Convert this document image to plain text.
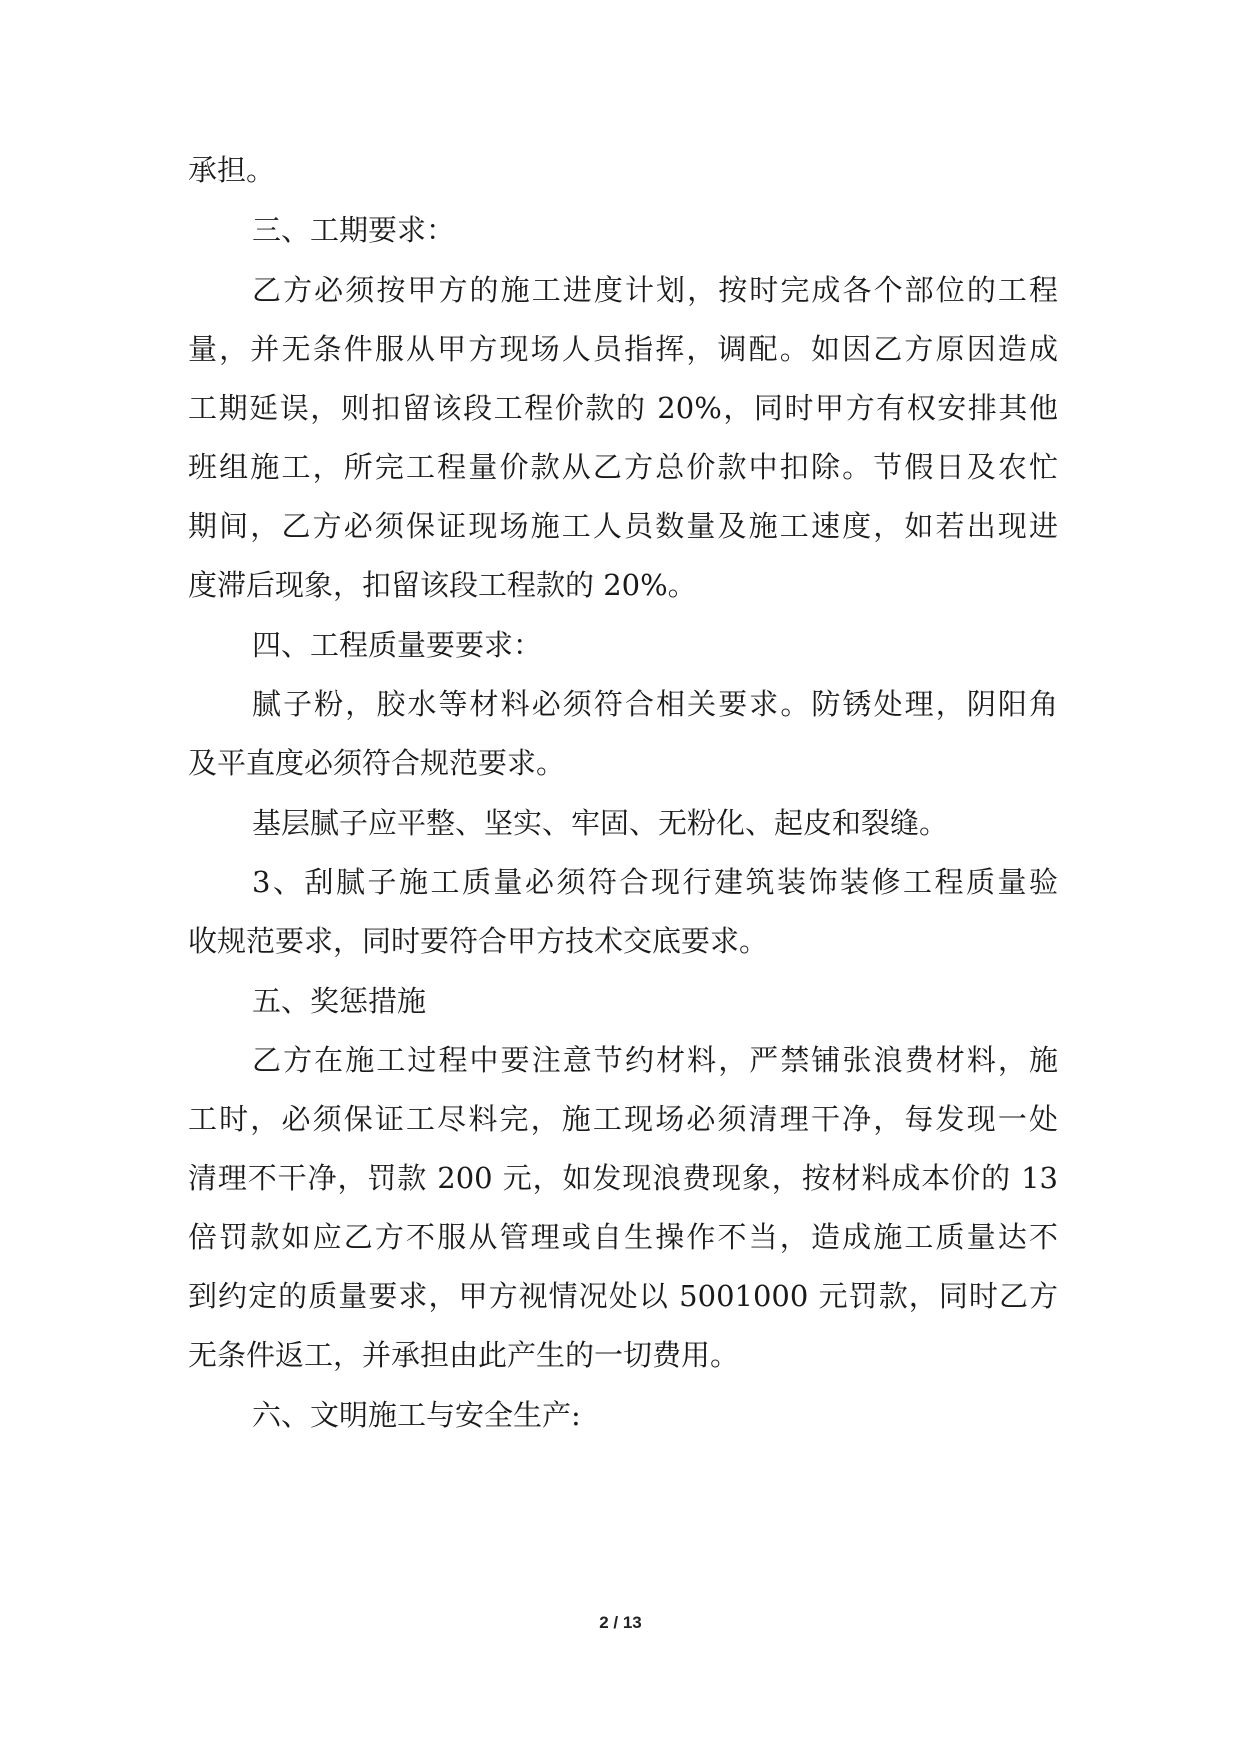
承担。
三、工期要求：
乙方必须按甲方的施工进度计划，按时完成各个部位的工程
量，并无条件服从甲方现场人员指挥，调配。如因乙方原因造成
工期延误，则扣留该段工程价款的 20%，同时甲方有权安排其他
班组施工，所完工程量价款从乙方总价款中扣除。节假日及农忙
期间，乙方必须保证现场施工人员数量及施工速度，如若出现进
度滞后现象，扣留该段工程款的 20%。
四、工程质量要要求：
腻子粉，胶水等材料必须符合相关要求。防锈处理，阴阳角
及平直度必须符合规范要求。
基层腻子应平整、坚实、牢固、无粉化、起皮和裂缝。
3、刮腻子施工质量必须符合现行建筑装饰装修工程质量验
收规范要求，同时要符合甲方技术交底要求。
五、奖惩措施
乙方在施工过程中要注意节约材料，严禁铺张浪费材料，施
工时，必须保证工尽料完，施工现场必须清理干净，每发现一处
清理不干净，罚款 200 元，如发现浪费现象，按材料成本价的 13
倍罚款如应乙方不服从管理或自生操作不当，造成施工质量达不
到约定的质量要求，甲方视情况处以 5001000 元罚款，同时乙方
无条件返工，并承担由此产生的一切费用。
六、文明施工与安全生产:
2 / 13
